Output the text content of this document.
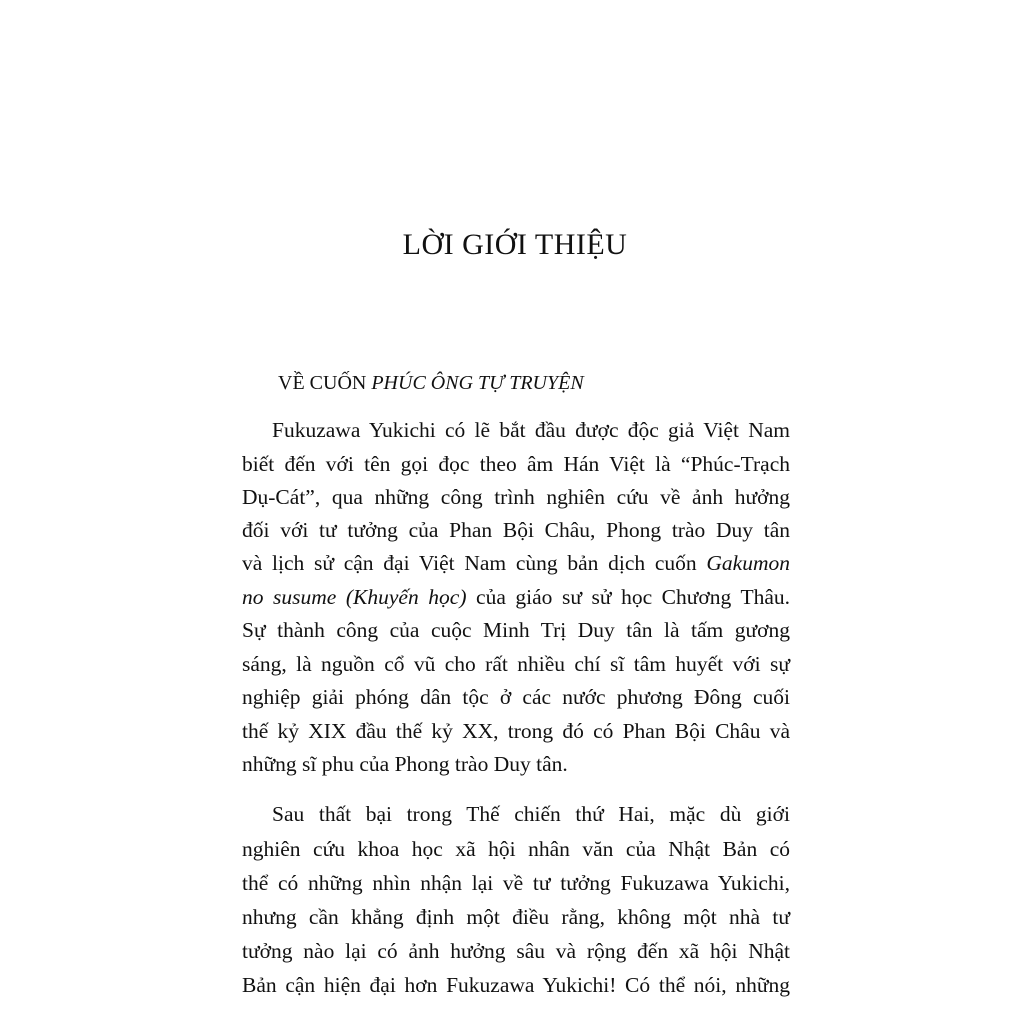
LỜI GIỚI THIỆU
VỀ CUỐN PHÚC ÔNG TỰ TRUYỆN
Fukuzawa Yukichi có lẽ bắt đầu được độc giả Việt Nam
biết đến với tên gọi đọc theo âm Hán Việt là “Phúc-Trạch
Dụ-Cát”, qua những công trình nghiên cứu về ảnh hưởng
đối với tư tưởng của Phan Bội Châu, Phong trào Duy tân
và lịch sử cận đại Việt Nam cùng bản dịch cuốn Gakumon
no susume (Khuyến học) của giáo sư sử học Chương Thâu.
Sự thành công của cuộc Minh Trị Duy tân là tấm gương
sáng, là nguồn cổ vũ cho rất nhiều chí sĩ tâm huyết với sự
nghiệp giải phóng dân tộc ở các nước phương Đông cuối
thế kỷ XIX đầu thế kỷ XX, trong đó có Phan Bội Châu và
những sĩ phu của Phong trào Duy tân.
Sau thất bại trong Thế chiến thứ Hai, mặc dù giới
nghiên cứu khoa học xã hội nhân văn của Nhật Bản có
thể có những nhìn nhận lại về tư tưởng Fukuzawa Yukichi,
nhưng cần khẳng định một điều rằng, không một nhà tư
tưởng nào lại có ảnh hưởng sâu và rộng đến xã hội Nhật
Bản cận hiện đại hơn Fukuzawa Yukichi! Có thể nói, những
